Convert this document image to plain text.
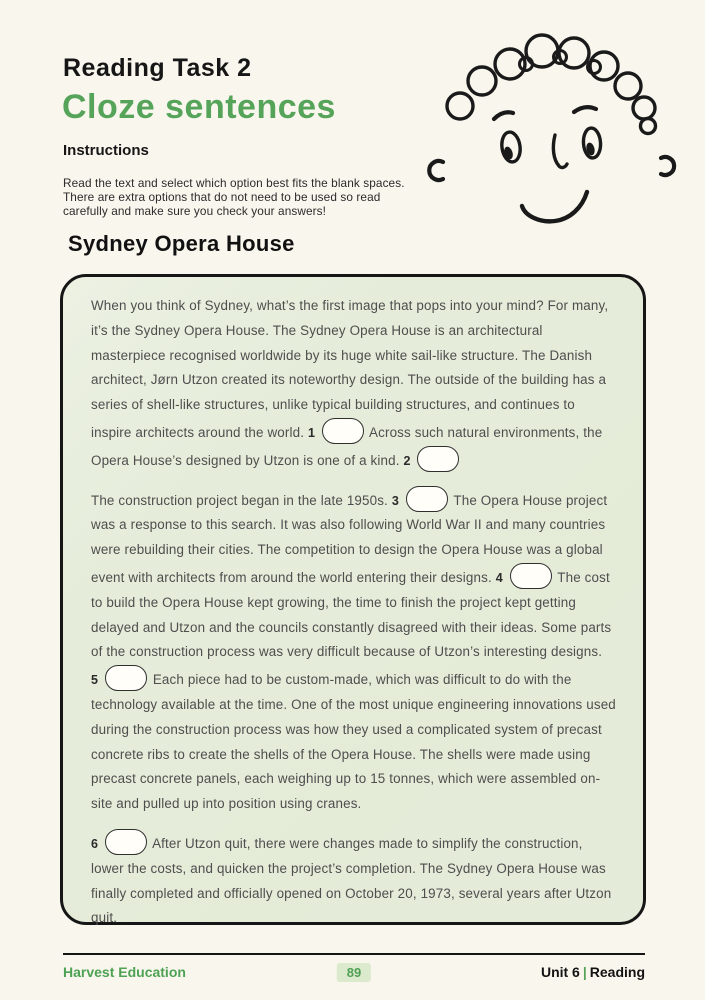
Reading Task 2
Cloze sentences
Instructions
Read the text and select which option best fits the blank spaces.
There are extra options that do not need to be used so read
carefully and make sure you check your answers!
Sydney Opera House

When you think of Sydney, what’s the first image that pops into your mind? For many, it’s the Sydney Opera House. The Sydney Opera House is an architectural masterpiece recognised worldwide by its huge white sail-like structure. The Danish architect, Jørn Utzon created its noteworthy design. The outside of the building has a series of shell-like structures, unlike typical building structures, and continues to inspire architects around the world. 1	Across such natural environments, the Opera House’s designed by Utzon is one of a kind. 2

The construction project began in the late 1950s. 3	The Opera House project was a response to this search. It was also following World War II and many countries were rebuilding their cities. The competition to design the Opera House was a global event with architects from around the world entering their designs. 4	The cost to build the Opera House kept growing, the time to finish the project kept getting delayed and Utzon and the councils constantly disagreed with their ideas. Some parts of the construction process was very difficult because of Utzon’s interesting designs. 5	Each piece had to be custom-made, which was difficult to do with the technology available at the time. One of the most unique engineering innovations used during the construction process was how they used a complicated system of precast concrete ribs to create the shells of the Opera House. The shells were made using precast concrete panels, each weighing up to 15 tonnes, which were assembled on-site and pulled up into position using cranes.

6	After Utzon quit, there were changes made to simplify the construction, lower the costs, and quicken the project’s completion. The Sydney Opera House was finally completed and officially opened on October 20, 1973, several years after Utzon quit.

Harvest Education	89	Unit 6 | Reading
